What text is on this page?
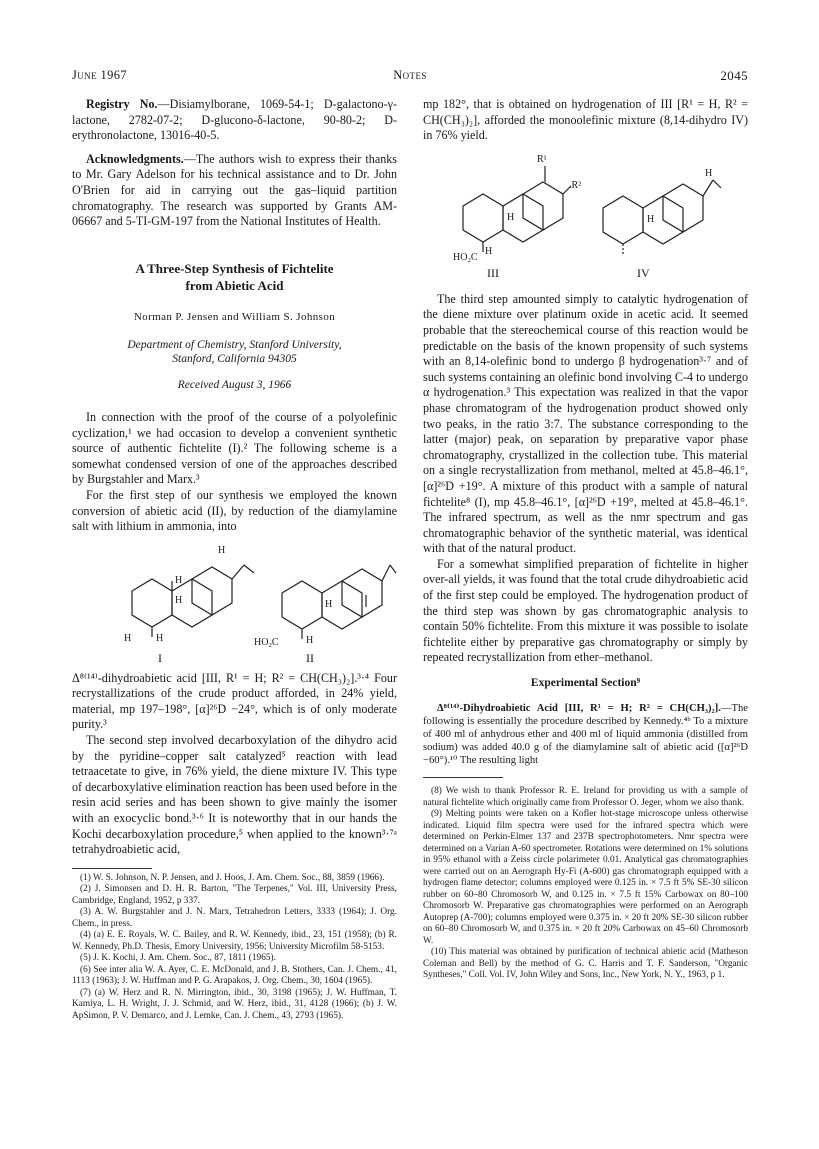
June 1967	Notes	2045

Registry No.—Disiamylborane, 1069-54-1; D-galactono-γ-lactone, 2782-07-2; D-glucono-δ-lactone, 90-80-2; D-erythronolactone, 13016-40-5.

Acknowledgments.—The authors wish to express their thanks to Mr. Gary Adelson for his technical assistance and to Dr. John O'Brien for aid in carrying out the gas–liquid partition chromatography. The research was supported by Grants AM-06667 and 5-TI-GM-197 from the National Institutes of Health.

A Three-Step Synthesis of Fichtelite
from Abietic Acid
Norman P. Jensen and William S. Johnson
Department of Chemistry, Stanford University,
Stanford, California 94305
Received August 3, 1966

In connection with the proof of the course of a polyolefinic cyclization,¹ we had occasion to develop a convenient synthetic source of authentic fichtelite (I).² The following scheme is a somewhat condensed version of one of the approaches described by Burgstahler and Marx.³

For the first step of our synthesis we employed the known conversion of abietic acid (II), by reduction of the diamylamine salt with lithium in ammonia, into

H
H
H
H H
H
HO₂C	H
I	II

Δ⁸⁽¹⁴⁾-dihydroabietic acid [III, R¹ = H; R² = CH(CH₃)₂].³·⁴ Four recrystallizations of the crude product afforded, in 24% yield, material, mp 197–198°, [α]²⁶D −24°, which is of only moderate purity.³

The second step involved decarboxylation of the dihydro acid by the pyridine–copper salt catalyzed⁵ reaction with lead tetraacetate to give, in 76% yield, the diene mixture IV. This type of decarboxylative elimination reaction has been used before in the resin acid series and has been shown to give mainly the isomer with an exocyclic bond.³·⁶ It is noteworthy that in our hands the Kochi decarboxylation procedure,⁵ when applied to the known³·⁷ᵃ tetrahydroabietic acid,

(1) W. S. Johnson, N. P. Jensen, and J. Hoos, J. Am. Chem. Soc., 88, 3859 (1966).

(2) J. Simonsen and D. H. R. Barton, "The Terpenes," Vol. III, University Press, Cambridge, England, 1952, p 337.

(3) A. W. Burgstahler and J. N. Marx, Tetrahedron Letters, 3333 (1964); J. Org. Chem., in press.

(4) (a) E. E. Royals, W. C. Bailey, and R. W. Kennedy, ibid., 23, 151 (1958); (b) R. W. Kennedy, Ph.D. Thesis, Emory University, 1956; University Microfilm 58-5153.

(5) J. K. Kochi, J. Am. Chem. Soc., 87, 1811 (1965).

(6) See inter alia W. A. Ayer, C. E. McDonald, and J. B. Stothers, Can. J. Chem., 41, 1113 (1963); J. W. Huffman and P. G. Arapakos, J. Org. Chem., 30, 1604 (1965).

(7) (a) W. Herz and R. N. Mirrington, ibid., 30, 3198 (1965); J. W. Huffman, T. Kamiya, L. H. Wright, J. J. Schmid, and W. Herz, ibid., 31, 4128 (1966); (b) J. W. ApSimon, P. V. Demarco, and J. Lemke, Can. J. Chem., 43, 2793 (1965).

mp 182°, that is obtained on hydrogenation of III [R¹ = H, R² = CH(CH₃)₂], afforded the monoolefinic mixture (8,14-dihydro IV) in 76% yield.

R¹
.R²
H
H
HO₂C
H
H
III	IV

The third step amounted simply to catalytic hydrogenation of the diene mixture over platinum oxide in acetic acid. It seemed probable that the stereochemical course of this reaction would be predictable on the basis of the known propensity of such systems with an 8,14-olefinic bond to undergo β hydrogenation³·⁷ and of such systems containing an olefinic bond involving C-4 to undergo α hydrogenation.³ This expectation was realized in that the vapor phase chromatogram of the hydrogenation product showed only two peaks, in the ratio 3:7. The substance corresponding to the latter (major) peak, on separation by preparative vapor phase chromatography, crystallized in the collection tube. This material on a single recrystallization from methanol, melted at 45.8–46.1°, [α]²⁶D +19°. A mixture of this product with a sample of natural fichtelite⁸ (I), mp 45.8–46.1°, [α]²⁶D +19°, melted at 45.8–46.1°. The infrared spectrum, as well as the nmr spectrum and gas chromatographic behavior of the synthetic material, was identical with that of the natural product.

For a somewhat simplified preparation of fichtelite in higher over-all yields, it was found that the total crude dihydroabietic acid of the first step could be employed. The hydrogenation product of the third step was shown by gas chromatographic analysis to contain 50% fichtelite. From this mixture it was possible to isolate fichtelite either by preparative gas chromatography or simply by repeated recrystallization from ether–methanol.

Experimental Section⁹

Δ⁸⁽¹⁴⁾-Dihydroabietic Acid [III, R¹ = H; R² = CH(CH₃)₂].—The following is essentially the procedure described by Kennedy.⁴ᵇ To a mixture of 400 ml of anhydrous ether and 400 ml of liquid ammonia (distilled from sodium) was added 40.0 g of the diamylamine salt of abietic acid ([α]²⁶D −60°).¹⁰ The resulting light

(8) We wish to thank Professor R. E. Ireland for providing us with a sample of natural fichtelite which originally came from Professor O. Jeger, whom we also thank.

(9) Melting points were taken on a Kofler hot-stage microscope unless otherwise indicated. Liquid film spectra were used for the infrared spectra which were determined on Perkin-Elmer 137 and 237B spectrophotometers. Nmr spectra were determined on a Varian A-60 spectrometer. Rotations were determined on 1% solutions in 95% ethanol with a Zeiss circle polarimeter 0.01. Analytical gas chromatographies were carried out on an Aerograph Hy-Fi (A-600) gas chromatograph equipped with a hydrogen flame detector; columns employed were 0.125 in. × 7.5 ft 5% SE-30 silicon rubber on 60–80 Chromosorb W, and 0.125 in. × 7.5 ft 15% Carbowax on 80–100 Chromosorb W. Preparative gas chromatographies were performed on an Aerograph Autoprep (A-700); columns employed were 0.375 in. × 20 ft 20% SE-30 silicon rubber on 60–80 Chromosorb W, and 0.375 in. × 20 ft 20% Carbowax on 45–60 Chromosorb W.

(10) This material was obtained by purification of technical abietic acid (Matheson Coleman and Bell) by the method of G. C. Harris and T. F. Sanderson, "Organic Syntheses," Coll. Vol. IV, John Wiley and Sons, Inc., New York, N. Y., 1963, p 1.
